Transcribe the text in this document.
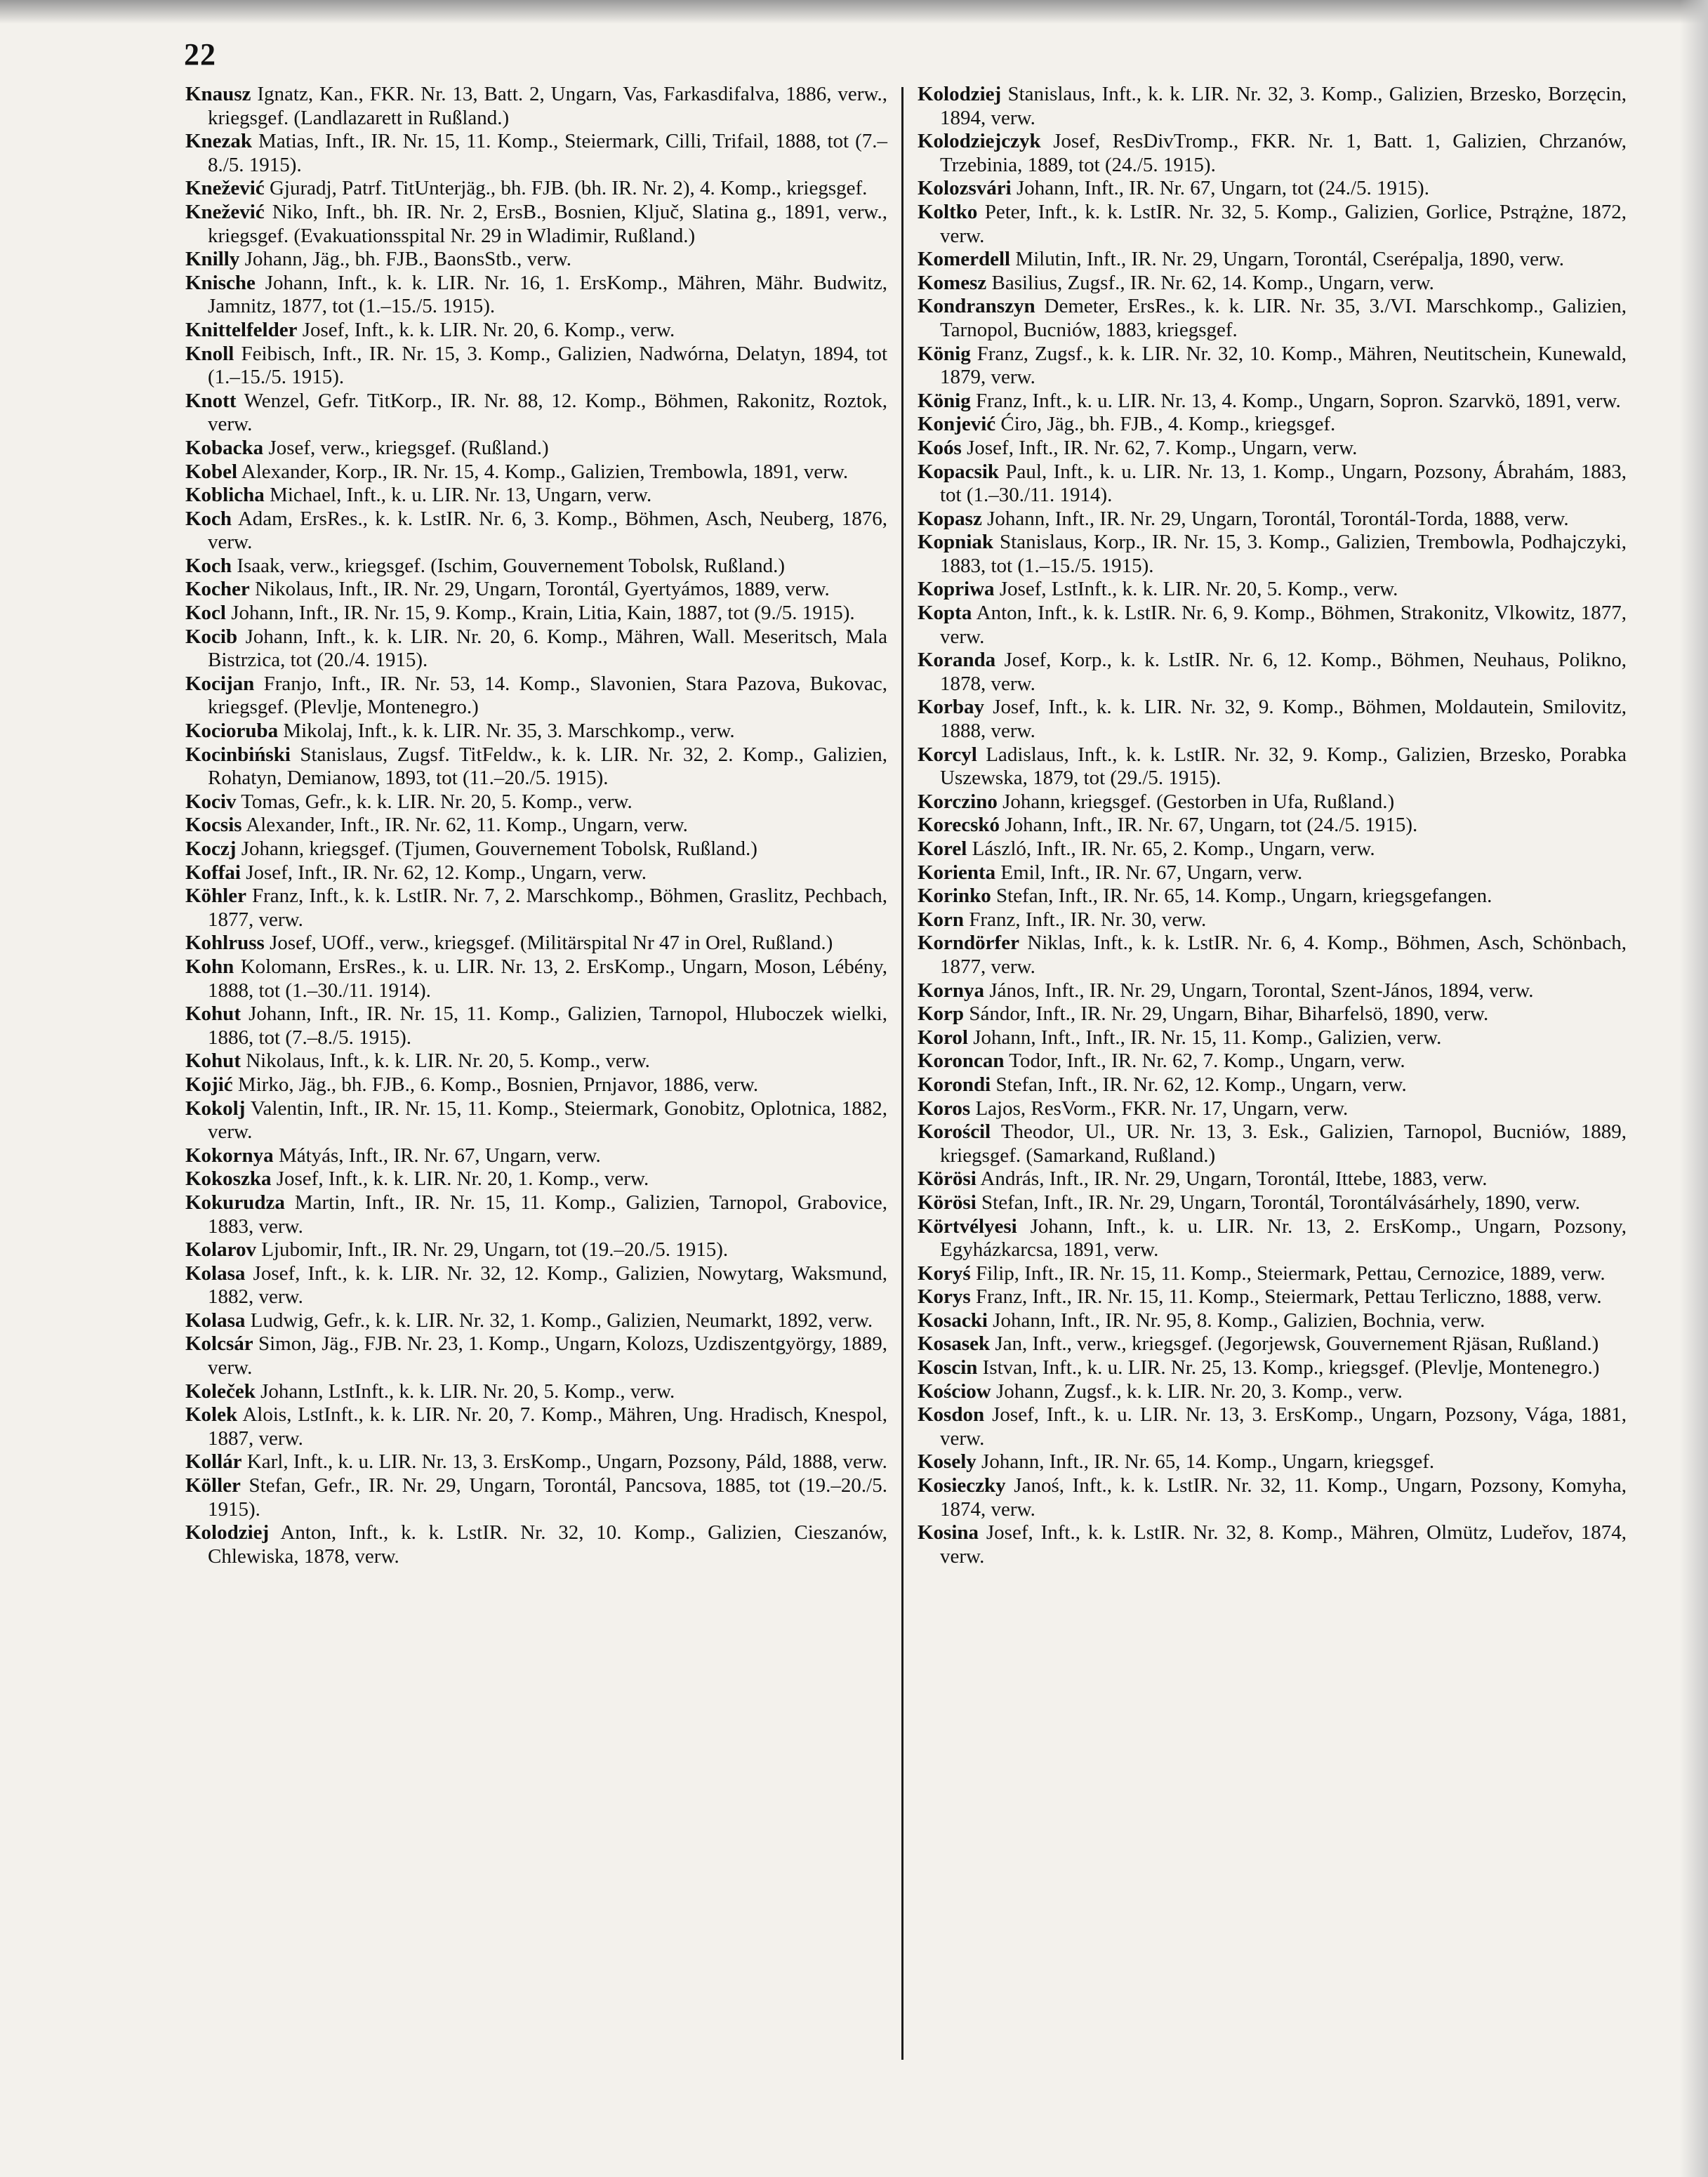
22

Knausz Ignatz, Kan., FKR. Nr. 13, Batt. 2, Ungarn, Vas, Farkasdifalva, 1886, verw., kriegsgef. (Landlazarett in Rußland.)

Knezak Matias, Inft., IR. Nr. 15, 11. Komp., Steiermark, Cilli, Trifail, 1888, tot (7.–8./5. 1915).

Knežević Gjuradj, Patrf. TitUnterjäg., bh. FJB. (bh. IR. Nr. 2), 4. Komp., kriegsgef.

Knežević Niko, Inft., bh. IR. Nr. 2, ErsB., Bosnien, Ključ, Slatina g., 1891, verw., kriegsgef. (Evakuationsspital Nr. 29 in Wladimir, Rußland.)

Knilly Johann, Jäg., bh. FJB., BaonsStb., verw.

Knische Johann, Inft., k. k. LIR. Nr. 16, 1. ErsKomp., Mähren, Mähr. Budwitz, Jamnitz, 1877, tot (1.–15./5. 1915).

Knittelfelder Josef, Inft., k. k. LIR. Nr. 20, 6. Komp., verw.

Knoll Feibisch, Inft., IR. Nr. 15, 3. Komp., Galizien, Nadwórna, Delatyn, 1894, tot (1.–15./5. 1915).

Knott Wenzel, Gefr. TitKorp., IR. Nr. 88, 12. Komp., Böhmen, Rakonitz, Roztok, verw.

Kobacka Josef, verw., kriegsgef. (Rußland.)

Kobel Alexander, Korp., IR. Nr. 15, 4. Komp., Galizien, Trembowla, 1891, verw.

Koblicha Michael, Inft., k. u. LIR. Nr. 13, Ungarn, verw.

Koch Adam, ErsRes., k. k. LstIR. Nr. 6, 3. Komp., Böhmen, Asch, Neuberg, 1876, verw.

Koch Isaak, verw., kriegsgef. (Ischim, Gouvernement Tobolsk, Rußland.)

Kocher Nikolaus, Inft., IR. Nr. 29, Ungarn, Torontál, Gyertyámos, 1889, verw.

Kocl Johann, Inft., IR. Nr. 15, 9. Komp., Krain, Litia, Kain, 1887, tot (9./5. 1915).

Kocib Johann, Inft., k. k. LIR. Nr. 20, 6. Komp., Mähren, Wall. Meseritsch, Mala Bistrzica, tot (20./4. 1915).

Kocijan Franjo, Inft., IR. Nr. 53, 14. Komp., Slavonien, Stara Pazova, Bukovac, kriegsgef. (Plevlje, Montenegro.)

Kocioruba Mikolaj, Inft., k. k. LIR. Nr. 35, 3. Marschkomp., verw.

Kocinbiński Stanislaus, Zugsf. TitFeldw., k. k. LIR. Nr. 32, 2. Komp., Galizien, Rohatyn, Demianow, 1893, tot (11.–20./5. 1915).

Kociv Tomas, Gefr., k. k. LIR. Nr. 20, 5. Komp., verw.

Kocsis Alexander, Inft., IR. Nr. 62, 11. Komp., Ungarn, verw.

Koczj Johann, kriegsgef. (Tjumen, Gouvernement Tobolsk, Rußland.)

Koffai Josef, Inft., IR. Nr. 62, 12. Komp., Ungarn, verw.

Köhler Franz, Inft., k. k. LstIR. Nr. 7, 2. Marschkomp., Böhmen, Graslitz, Pechbach, 1877, verw.

Kohlruss Josef, UOff., verw., kriegsgef. (Militärspital Nr 47 in Orel, Rußland.)

Kohn Kolomann, ErsRes., k. u. LIR. Nr. 13, 2. ErsKomp., Ungarn, Moson, Lébény, 1888, tot (1.–30./11. 1914).

Kohut Johann, Inft., IR. Nr. 15, 11. Komp., Galizien, Tarnopol, Hluboczek wielki, 1886, tot (7.–8./5. 1915).

Kohut Nikolaus, Inft., k. k. LIR. Nr. 20, 5. Komp., verw.

Kojić Mirko, Jäg., bh. FJB., 6. Komp., Bosnien, Prnjavor, 1886, verw.

Kokolj Valentin, Inft., IR. Nr. 15, 11. Komp., Steiermark, Gonobitz, Oplotnica, 1882, verw.

Kokornya Mátyás, Inft., IR. Nr. 67, Ungarn, verw.

Kokoszka Josef, Inft., k. k. LIR. Nr. 20, 1. Komp., verw.

Kokurudza Martin, Inft., IR. Nr. 15, 11. Komp., Galizien, Tarnopol, Grabovice, 1883, verw.

Kolarov Ljubomir, Inft., IR. Nr. 29, Ungarn, tot (19.–20./5. 1915).

Kolasa Josef, Inft., k. k. LIR. Nr. 32, 12. Komp., Galizien, Nowytarg, Waksmund, 1882, verw.

Kolasa Ludwig, Gefr., k. k. LIR. Nr. 32, 1. Komp., Galizien, Neumarkt, 1892, verw.

Kolcsár Simon, Jäg., FJB. Nr. 23, 1. Komp., Ungarn, Kolozs, Uzdiszentgyörgy, 1889, verw.

Koleček Johann, LstInft., k. k. LIR. Nr. 20, 5. Komp., verw.

Kolek Alois, LstInft., k. k. LIR. Nr. 20, 7. Komp., Mähren, Ung. Hradisch, Knespol, 1887, verw.

Kollár Karl, Inft., k. u. LIR. Nr. 13, 3. ErsKomp., Ungarn, Pozsony, Páld, 1888, verw.

Köller Stefan, Gefr., IR. Nr. 29, Ungarn, Torontál, Pancsova, 1885, tot (19.–20./5. 1915).

Kolodziej Anton, Inft., k. k. LstIR. Nr. 32, 10. Komp., Galizien, Cieszanów, Chlewiska, 1878, verw.

Kolodziej Stanislaus, Inft., k. k. LIR. Nr. 32, 3. Komp., Galizien, Brzesko, Borzęcin, 1894, verw.

Kolodziejczyk Josef, ResDivTromp., FKR. Nr. 1, Batt. 1, Galizien, Chrzanów, Trzebinia, 1889, tot (24./5. 1915).

Kolozsvári Johann, Inft., IR. Nr. 67, Ungarn, tot (24./5. 1915).

Koltko Peter, Inft., k. k. LstIR. Nr. 32, 5. Komp., Galizien, Gorlice, Pstrążne, 1872, verw.

Komerdell Milutin, Inft., IR. Nr. 29, Ungarn, Torontál, Cserépalja, 1890, verw.

Komesz Basilius, Zugsf., IR. Nr. 62, 14. Komp., Ungarn, verw.

Kondranszyn Demeter, ErsRes., k. k. LIR. Nr. 35, 3./VI. Marschkomp., Galizien, Tarnopol, Bucniów, 1883, kriegsgef.

König Franz, Zugsf., k. k. LIR. Nr. 32, 10. Komp., Mähren, Neutitschein, Kunewald, 1879, verw.

König Franz, Inft., k. u. LIR. Nr. 13, 4. Komp., Ungarn, Sopron. Szarvkö, 1891, verw.

Konjević Ćiro, Jäg., bh. FJB., 4. Komp., kriegsgef.

Koós Josef, Inft., IR. Nr. 62, 7. Komp., Ungarn, verw.

Kopacsik Paul, Inft., k. u. LIR. Nr. 13, 1. Komp., Ungarn, Pozsony, Ábrahám, 1883, tot (1.–30./11. 1914).

Kopasz Johann, Inft., IR. Nr. 29, Ungarn, Torontál, Torontál-Torda, 1888, verw.

Kopniak Stanislaus, Korp., IR. Nr. 15, 3. Komp., Galizien, Trembowla, Podhajczyki, 1883, tot (1.–15./5. 1915).

Kopriwa Josef, LstInft., k. k. LIR. Nr. 20, 5. Komp., verw.

Kopta Anton, Inft., k. k. LstIR. Nr. 6, 9. Komp., Böhmen, Strakonitz, Vlkowitz, 1877, verw.

Koranda Josef, Korp., k. k. LstIR. Nr. 6, 12. Komp., Böhmen, Neuhaus, Polikno, 1878, verw.

Korbay Josef, Inft., k. k. LIR. Nr. 32, 9. Komp., Böhmen, Moldautein, Smilovitz, 1888, verw.

Korcyl Ladislaus, Inft., k. k. LstIR. Nr. 32, 9. Komp., Galizien, Brzesko, Porabka Uszewska, 1879, tot (29./5. 1915).

Korczino Johann, kriegsgef. (Gestorben in Ufa, Rußland.)

Korecskó Johann, Inft., IR. Nr. 67, Ungarn, tot (24./5. 1915).

Korel László, Inft., IR. Nr. 65, 2. Komp., Ungarn, verw.

Korienta Emil, Inft., IR. Nr. 67, Ungarn, verw.

Korinko Stefan, Inft., IR. Nr. 65, 14. Komp., Ungarn, kriegsgefangen.

Korn Franz, Inft., IR. Nr. 30, verw.

Korndörfer Niklas, Inft., k. k. LstIR. Nr. 6, 4. Komp., Böhmen, Asch, Schönbach, 1877, verw.

Kornya János, Inft., IR. Nr. 29, Ungarn, Torontal, Szent-János, 1894, verw.

Korp Sándor, Inft., IR. Nr. 29, Ungarn, Bihar, Biharfelsö, 1890, verw.

Korol Johann, Inft., Inft., IR. Nr. 15, 11. Komp., Galizien, verw.

Koroncan Todor, Inft., IR. Nr. 62, 7. Komp., Ungarn, verw.

Korondi Stefan, Inft., IR. Nr. 62, 12. Komp., Ungarn, verw.

Koros Lajos, ResVorm., FKR. Nr. 17, Ungarn, verw.

Korościl Theodor, Ul., UR. Nr. 13, 3. Esk., Galizien, Tarnopol, Bucniów, 1889, kriegsgef. (Samarkand, Rußland.)

Körösi András, Inft., IR. Nr. 29, Ungarn, Torontál, Ittebe, 1883, verw.

Körösi Stefan, Inft., IR. Nr. 29, Ungarn, Torontál, Torontálvásárhely, 1890, verw.

Körtvélyesi Johann, Inft., k. u. LIR. Nr. 13, 2. ErsKomp., Ungarn, Pozsony, Egyházkarcsa, 1891, verw.

Koryś Filip, Inft., IR. Nr. 15, 11. Komp., Steiermark, Pettau, Cernozice, 1889, verw.

Korys Franz, Inft., IR. Nr. 15, 11. Komp., Steiermark, Pettau Terliczno, 1888, verw.

Kosacki Johann, Inft., IR. Nr. 95, 8. Komp., Galizien, Bochnia, verw.

Kosasek Jan, Inft., verw., kriegsgef. (Jegorjewsk, Gouvernement Rjäsan, Rußland.)

Koscin Istvan, Inft., k. u. LIR. Nr. 25, 13. Komp., kriegsgef. (Plevlje, Montenegro.)

Kościow Johann, Zugsf., k. k. LIR. Nr. 20, 3. Komp., verw.

Kosdon Josef, Inft., k. u. LIR. Nr. 13, 3. ErsKomp., Ungarn, Pozsony, Vága, 1881, verw.

Kosely Johann, Inft., IR. Nr. 65, 14. Komp., Ungarn, kriegsgef.

Kosieczky Janoś, Inft., k. k. LstIR. Nr. 32, 11. Komp., Ungarn, Pozsony, Komyha, 1874, verw.

Kosina Josef, Inft., k. k. LstIR. Nr. 32, 8. Komp., Mähren, Olmütz, Ludeřov, 1874, verw.
